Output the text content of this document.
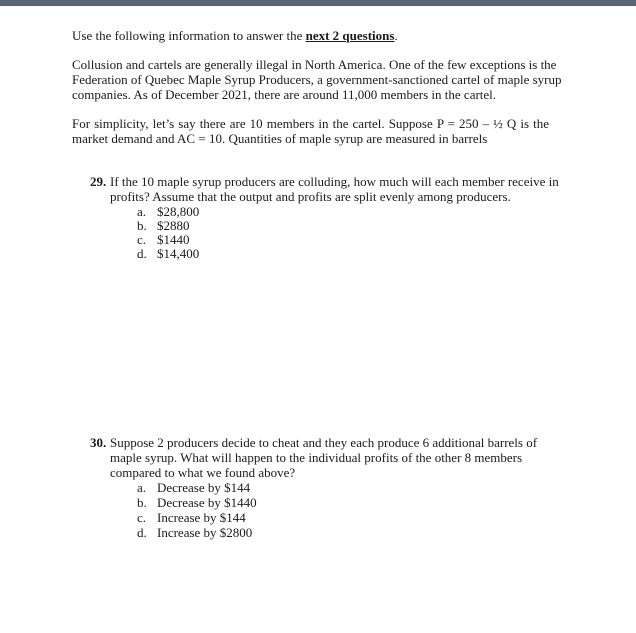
Use the following information to answer the next 2 questions.
Collusion and cartels are generally illegal in North America. One of the few exceptions is the
Federation of Quebec Maple Syrup Producers, a government-sanctioned cartel of maple syrup
companies. As of December 2021, there are around 11,000 members in the cartel.
For simplicity, let’s say there are 10 members in the cartel. Suppose P = 250 – ½ Q is the
market demand and AC = 10. Quantities of maple syrup are measured in barrels
29. If the 10 maple syrup producers are colluding, how much will each member receive in
profits? Assume that the output and profits are split evenly among producers.
a. $28,800
b. $2880
c. $1440
d. $14,400
30. Suppose 2 producers decide to cheat and they each produce 6 additional barrels of
maple syrup. What will happen to the individual profits of the other 8 members
compared to what we found above?
a. Decrease by $144
b. Decrease by $1440
c. Increase by $144
d. Increase by $2800
